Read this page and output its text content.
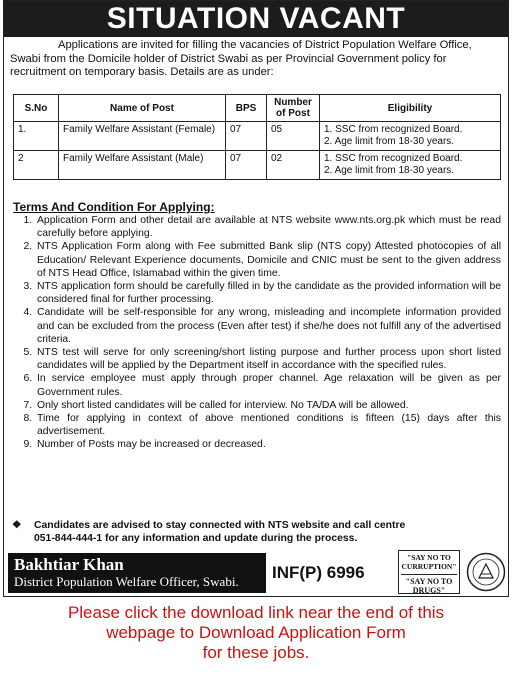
SITUATION VACANT
Applications are invited for filling the vacancies of District Population Welfare Office, Swabi from the Domicile holder of District Swabi as per Provincial Government policy for recruitment on temporary basis. Details are as under:
S.No	Name of Post	BPS	Number of Post	Eligibility
1.	Family Welfare Assistant (Female)	07	05	1. SSC from recognized Board.
2. Age limit from 18-30 years.

2	Family Welfare Assistant (Male)	07	02	1. SSC from recognized Board.
2. Age limit from 18-30 years.
Terms And Condition For Applying:
1. Application Form and other detail are available at NTS website www.nts.org.pk which must be read carefully before applying.
2. NTS Application Form along with Fee submitted Bank slip (NTS copy) Attested photocopies of all Education/ Relevant Experience documents, Domicile and CNIC must be sent to the given address of NTS Head Office, Islamabad within the given time.
3. NTS application form should be carefully filled in by the candidate as the provided information will be considered final for further processing.
4. Candidate will be self-responsible for any wrong, misleading and incomplete information provided and can be excluded from the process (Even after test) if she/he does not fulfill any of the advertised criteria.
5. NTS test will serve for only screening/short listing purpose and further process upon short listed candidates will be applied by the Department itself in accordance with the specified rules.
6. In service employee must apply through proper channel. Age relaxation will be given as per Government rules.
7. Only short listed candidates will be called for interview. No TA/DA will be allowed.
8. Time for applying in context of above mentioned conditions is fifteen (15) days after this advertisement.
9. Number of Posts may be increased or decreased.
❖ Candidates are advised to stay connected with NTS website and call centre
051-844-444-1 for any information and update during the process.
Bakhtiar Khan
District Population Welfare Officer, Swabi.	INF(P) 6996
"SAY NO TO CURRUPTION"
"SAY NO TO DRUGS"
Please click the download link near the end of this
webpage to Download Application Form
for these jobs.
